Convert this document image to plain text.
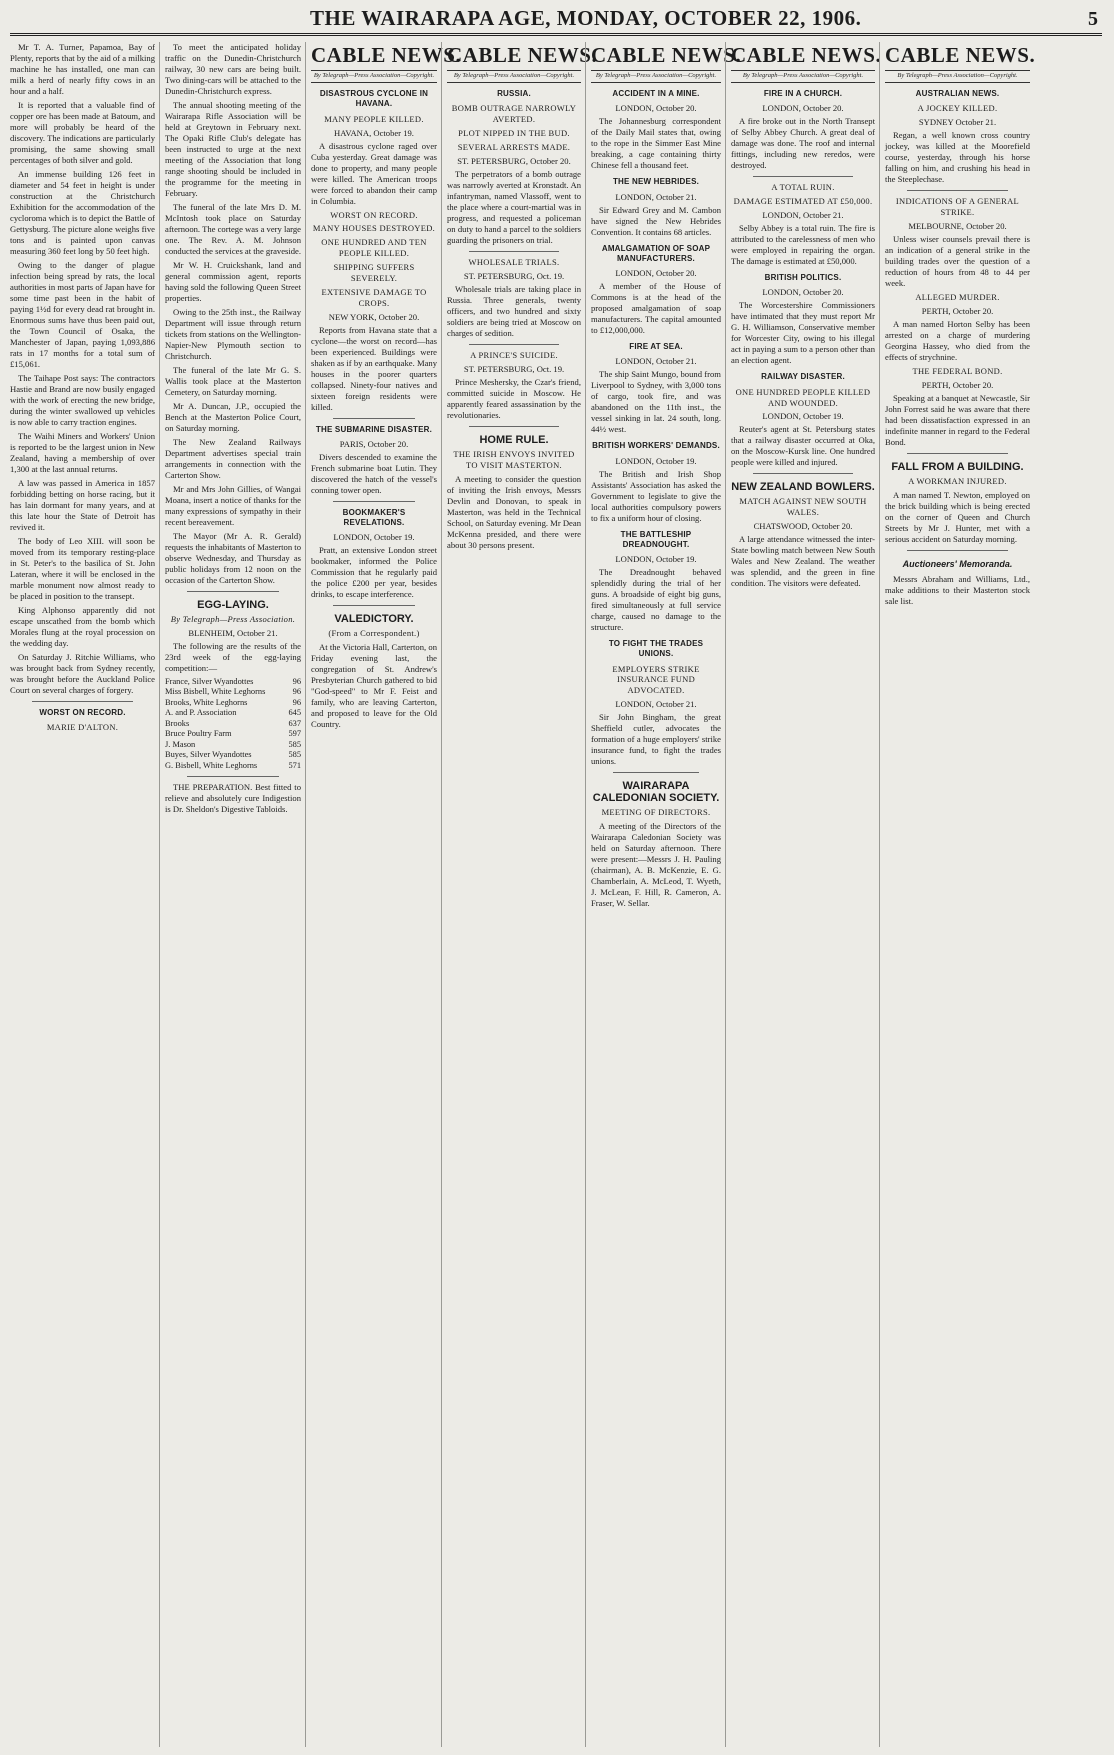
THE WAIRARAPA AGE, MONDAY, OCTOBER 22, 1906.	5

Mr T. A. Turner, Papamoa, Bay of Plenty, reports that by the aid of a milking machine he has installed, one man can milk a herd of nearly fifty cows in an hour and a half.

It is reported that a valuable find of copper ore has been made at Batoum, and more will probably be heard of the discovery. The indications are particularly promising, the same showing small percentages of both silver and gold.

An immense building 126 feet in diameter and 54 feet in height is under construction at the Christchurch Exhibition for the accommodation of the cycloroma which is to depict the Battle of Gettysburg. The picture alone weighs five tons and is painted upon canvas measuring 360 feet long by 50 feet high.

Owing to the danger of plague infection being spread by rats, the local authorities in most parts of Japan have for some time past been in the habit of paying 1½d for every dead rat brought in. Enormous sums have thus been paid out, the Town Council of Osaka, the Manchester of Japan, paying 1,093,886 rats in 17 months for a total sum of £15,061.

The Taihape Post says: The contractors Hastie and Brand are now busily engaged with the work of erecting the new bridge, during the winter swallowed up vehicles is now able to carry traction engines.

The Waihi Miners and Workers' Union is reported to be the largest union in New Zealand, having a membership of over 1,300 at the last annual returns.

A law was passed in America in 1857 forbidding betting on horse racing, but it has lain dormant for many years, and at this late hour the State of Detroit has revived it.

The body of Leo XIII. will soon be moved from its temporary resting-place in St. Peter's to the basilica of St. John Lateran, where it will be enclosed in the marble monument now almost ready to be placed in position to the transept.

King Alphonso apparently did not escape unscathed from the bomb which Morales flung at the royal procession on the wedding day.

On Saturday J. Ritchie Williams, who was brought back from Sydney recently, was brought before the Auckland Police Court on several charges of forgery.

WORST ON RECORD.
MARIE D'ALTON.

To meet the anticipated holiday traffic on the Dunedin-Christchurch railway, 30 new cars are being built. Two dining-cars will be attached to the Dunedin-Christchurch express.

The annual shooting meeting of the Wairarapa Rifle Association will be held at Greytown in February next. The Opaki Rifle Club's delegate has been instructed to urge at the next meeting of the Association that long range shooting should be included in the programme for the meeting in February.

The funeral of the late Mrs D. M. McIntosh took place on Saturday afternoon. The cortege was a very large one. The Rev. A. M. Johnson conducted the services at the graveside.

Mr W. H. Cruickshank, land and general commission agent, reports having sold the following Queen Street properties.

Owing to the 25th inst., the Railway Department will issue through return tickets from stations on the Wellington-Napier-New Plymouth section to Christchurch.

The funeral of the late Mr G. S. Wallis took place at the Masterton Cemetery, on Saturday morning.

Mr A. Duncan, J.P., occupied the Bench at the Masterton Police Court, on Saturday morning.

The New Zealand Railways Department advertises special train arrangements in connection with the Carterton Show.

Mr and Mrs John Gillies, of Wangai Moana, insert a notice of thanks for the many expressions of sympathy in their recent bereavement.

The Mayor (Mr A. R. Gerald) requests the inhabitants of Masterton to observe Wednesday, and Thursday as public holidays from 12 noon on the occasion of the Carterton Show.

EGG-LAYING.
By Telegraph—Press Association.

BLENHEIM, October 21.

The following are the results of the 23rd week of the egg-laying competition:—

France, Silver Wyandottes	96
Miss Bisbell, White Leghorns	96
Brooks, White Leghorns	96
A. and P. Association	645
Brooks	637
Bruce Poultry Farm	597
J. Mason	585
Buyes, Silver Wyandottes	585
G. Bisbell, White Leghorns	571

THE PREPARATION. Best fitted to relieve and absolutely cure Indigestion is Dr. Sheldon's Digestive Tabloids.

CABLE NEWS.
By Telegraph—Press Association—Copyright.
DISASTROUS CYCLONE IN HAVANA.
MANY PEOPLE KILLED.

HAVANA, October 19.

A disastrous cyclone raged over Cuba yesterday. Great damage was done to property, and many people were killed. The American troops were forced to abandon their camp in Columbia.

WORST ON RECORD.
MANY HOUSES DESTROYED.
ONE HUNDRED AND TEN PEOPLE KILLED.
SHIPPING SUFFERS SEVERELY.
EXTENSIVE DAMAGE TO CROPS.

NEW YORK, October 20.

Reports from Havana state that a cyclone—the worst on record—has been experienced. Buildings were shaken as if by an earthquake. Many houses in the poorer quarters collapsed. Ninety-four natives and sixteen foreign residents were killed.

THE SUBMARINE DISASTER.

PARIS, October 20.

Divers descended to examine the French submarine boat Lutin. They discovered the hatch of the vessel's conning tower open.

BOOKMAKER'S REVELATIONS.

LONDON, October 19.

Pratt, an extensive London street bookmaker, informed the Police Commission that he regularly paid the police £200 per year, besides drinks, to escape interference.

VALEDICTORY.
(From a Correspondent.)

At the Victoria Hall, Carterton, on Friday evening last, the congregation of St. Andrew's Presbyterian Church gathered to bid "God-speed" to Mr F. Feist and family, who are leaving Carterton, and proposed to leave for the Old Country.

CABLE NEWS.
By Telegraph—Press Association—Copyright.
RUSSIA.
BOMB OUTRAGE NARROWLY AVERTED.
PLOT NIPPED IN THE BUD.
SEVERAL ARRESTS MADE.

ST. PETERSBURG, October 20.

The perpetrators of a bomb outrage was narrowly averted at Kronstadt. An infantryman, named Vlassoff, went to the place where a court-martial was in progress, and requested a policeman on duty to hand a parcel to the soldiers guarding the prisoners on trial.

WHOLESALE TRIALS.

ST. PETERSBURG, Oct. 19.

Wholesale trials are taking place in Russia. Three generals, twenty officers, and two hundred and sixty soldiers are being tried at Moscow on charges of sedition.

A PRINCE'S SUICIDE.

ST. PETERSBURG, Oct. 19.

Prince Meshersky, the Czar's friend, committed suicide in Moscow. He apparently feared assassination by the revolutionaries.

HOME RULE.
THE IRISH ENVOYS INVITED TO VISIT MASTERTON.

A meeting to consider the question of inviting the Irish envoys, Messrs Devlin and Donovan, to speak in Masterton, was held in the Technical School, on Saturday evening. Mr Dean McKenna presided, and there were about 30 persons present.

CABLE NEWS.
By Telegraph—Press Association—Copyright.
ACCIDENT IN A MINE.

LONDON, October 20.

The Johannesburg correspondent of the Daily Mail states that, owing to the rope in the Simmer East Mine breaking, a cage containing thirty Chinese fell a thousand feet.

THE NEW HEBRIDES.

LONDON, October 21.

Sir Edward Grey and M. Cambon have signed the New Hebrides Convention. It contains 68 articles.

AMALGAMATION OF SOAP MANUFACTURERS.

LONDON, October 20.

A member of the House of Commons is at the head of the proposed amalgamation of soap manufacturers. The capital amounted to £12,000,000.

FIRE AT SEA.

LONDON, October 21.

The ship Saint Mungo, bound from Liverpool to Sydney, with 3,000 tons of cargo, took fire, and was abandoned on the 11th inst., the vessel sinking in lat. 24 south, long. 44½ west.

BRITISH WORKERS' DEMANDS.

LONDON, October 19.

The British and Irish Shop Assistants' Association has asked the Government to legislate to give the local authorities compulsory powers to fix a uniform hour of closing.

THE BATTLESHIP DREADNOUGHT.

LONDON, October 19.

The Dreadnought behaved splendidly during the trial of her guns. A broadside of eight big guns, fired simultaneously at full service charge, caused no damage to the structure.

TO FIGHT THE TRADES UNIONS.
EMPLOYERS STRIKE INSURANCE FUND ADVOCATED.

LONDON, October 21.

Sir John Bingham, the great Sheffield cutler, advocates the formation of a huge employers' strike insurance fund, to fight the trades unions.

WAIRARAPA CALEDONIAN SOCIETY.
MEETING OF DIRECTORS.

A meeting of the Directors of the Wairarapa Caledonian Society was held on Saturday afternoon. There were present:—Messrs J. H. Pauling (chairman), A. B. McKenzie, E. G. Chamberlain, A. McLeod, T. Wyeth, J. McLean, F. Hill, R. Cameron, A. Fraser, W. Sellar.

CABLE NEWS.
By Telegraph—Press Association—Copyright.
FIRE IN A CHURCH.

LONDON, October 20.

A fire broke out in the North Transept of Selby Abbey Church. A great deal of damage was done. The roof and internal fittings, including new reredos, were destroyed.

A TOTAL RUIN.
DAMAGE ESTIMATED AT £50,000.

LONDON, October 21.

Selby Abbey is a total ruin. The fire is attributed to the carelessness of men who were employed in repairing the organ. The damage is estimated at £50,000.

BRITISH POLITICS.

LONDON, October 20.

The Worcestershire Commissioners have intimated that they must report Mr G. H. Williamson, Conservative member for Worcester City, owing to his illegal act in paying a sum to a person other than an election agent.

RAILWAY DISASTER.
ONE HUNDRED PEOPLE KILLED AND WOUNDED.

LONDON, October 19.

Reuter's agent at St. Petersburg states that a railway disaster occurred at Oka, on the Moscow-Kursk line. One hundred people were killed and injured.

NEW ZEALAND BOWLERS.
MATCH AGAINST NEW SOUTH WALES.

CHATSWOOD, October 20.

A large attendance witnessed the inter-State bowling match between New South Wales and New Zealand. The weather was splendid, and the green in fine condition. The visitors were defeated.

CABLE NEWS.
By Telegraph—Press Association—Copyright.
AUSTRALIAN NEWS.
A JOCKEY KILLED.

SYDNEY October 21.

Regan, a well known cross country jockey, was killed at the Moorefield course, yesterday, through his horse falling on him, and crushing his head in the Steeplechase.

INDICATIONS OF A GENERAL STRIKE.

MELBOURNE, October 20.

Unless wiser counsels prevail there is an indication of a general strike in the building trades over the question of a reduction of hours from 48 to 44 per week.

ALLEGED MURDER.

PERTH, October 20.

A man named Horton Selby has been arrested on a charge of murdering Georgina Hassey, who died from the effects of strychnine.

THE FEDERAL BOND.

PERTH, October 20.

Speaking at a banquet at Newcastle, Sir John Forrest said he was aware that there had been dissatisfaction expressed in an indefinite manner in regard to the Federal Bond.

FALL FROM A BUILDING.
A WORKMAN INJURED.

A man named T. Newton, employed on the brick building which is being erected on the corner of Queen and Church Streets by Mr J. Hunter, met with a serious accident on Saturday morning.

Auctioneers' Memoranda.

Messrs Abraham and Williams, Ltd., make additions to their Masterton stock sale list.
